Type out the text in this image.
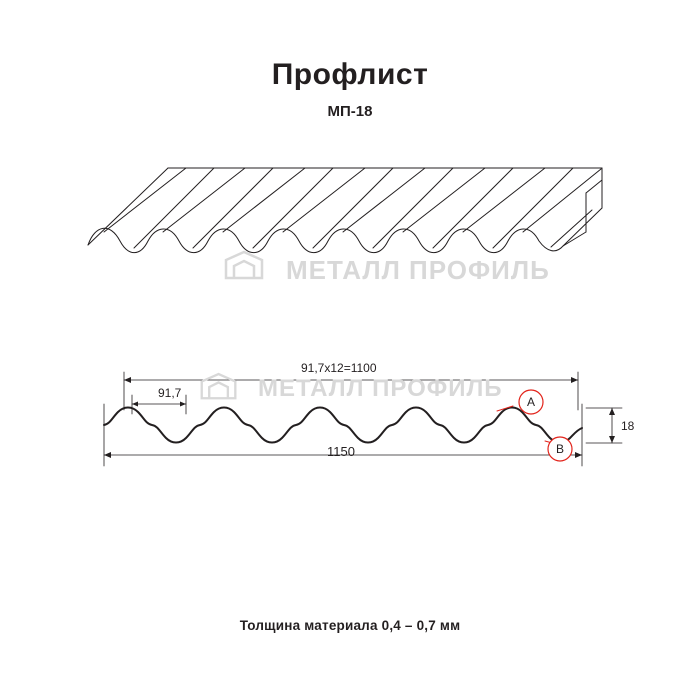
Профлист
МП-18
МЕТАЛЛ ПРОФИЛЬ
МЕТАЛЛ ПРОФИЛЬ
91,7x12=1100
91,7
1150
18
A
B
Толщина материала 0,4 – 0,7 мм
